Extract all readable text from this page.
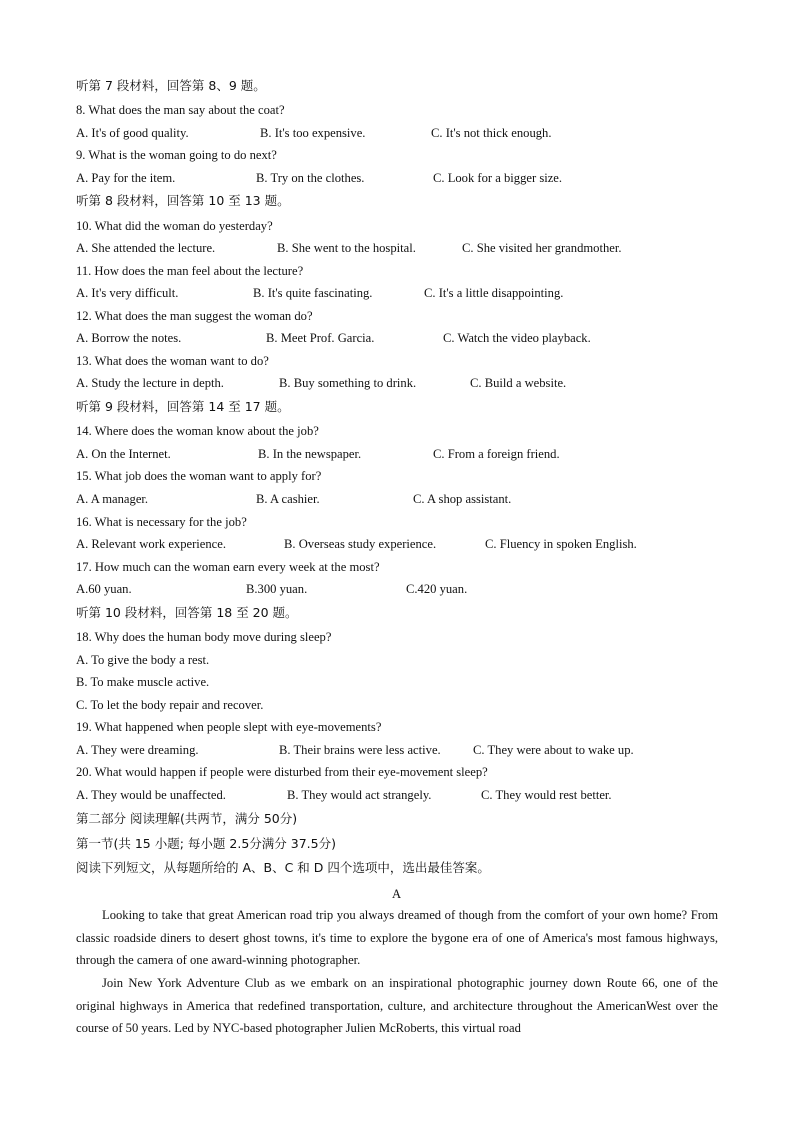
听第 7 段材料，回答第 8、9 题。
8. What does the man say about the coat?
A. It's of good quality.	B. It's too expensive.	C. It's not thick enough.
9. What is the woman going to do next?
A. Pay for the item.	B. Try on the clothes.	C. Look for a bigger size.
听第 8 段材料，回答第 10 至 13 题。
10. What did the woman do yesterday?
A. She attended the lecture.	B. She went to the hospital.	C. She visited her grandmother.
11. How does the man feel about the lecture?
A. It's very difficult.	B. It's quite fascinating.	C. It's a little disappointing.
12. What does the man suggest the woman do?
A. Borrow the notes.	B. Meet Prof. Garcia.	C. Watch the video playback.
13. What does the woman want to do?
A. Study the lecture in depth.	B. Buy something to drink.	C. Build a website.
听第 9 段材料，回答第 14 至 17 题。
14. Where does the woman know about the job?
A. On the Internet.	B. In the newspaper.	C. From a foreign friend.
15. What job does the woman want to apply for?
A. A manager.	B. A cashier.	C. A shop assistant.
16. What is necessary for the job?
A. Relevant work experience.	B. Overseas study experience.	C. Fluency in spoken English.
17. How much can the woman earn every week at the most?
A.60 yuan.	B.300 yuan.	C.420 yuan.
听第 10 段材料，回答第 18 至 20 题。
18. Why does the human body move during sleep?
A. To give the body a rest.
B. To make muscle active.
C. To let the body repair and recover.
19. What happened when people slept with eye-movements?
A. They were dreaming.	B. Their brains were less active.	C. They were about to wake up.
20. What would happen if people were disturbed from their eye-movement sleep?
A. They would be unaffected.	B. They would act strangely.	C. They would rest better.
第二部分 阅读理解(共两节，满分 50分)
第一节(共 15 小题; 每小题 2.5分满分 37.5分)
阅读下列短文，从每题所给的 A、B、C 和 D 四个选项中，选出最佳答案。
A
Looking to take that great American road trip you always dreamed of though from the comfort of your own home? From classic roadside diners to desert ghost towns, it's time to explore the bygone era of one of America's most famous highways, through the camera of one award-winning photographer.
Join New York Adventure Club as we embark on an inspirational photographic journey down Route 66, one of the original highways in America that redefined transportation, culture, and architecture throughout the AmericanWest over the course of 50 years. Led by NYC-based photographer Julien McRoberts, this virtual road
